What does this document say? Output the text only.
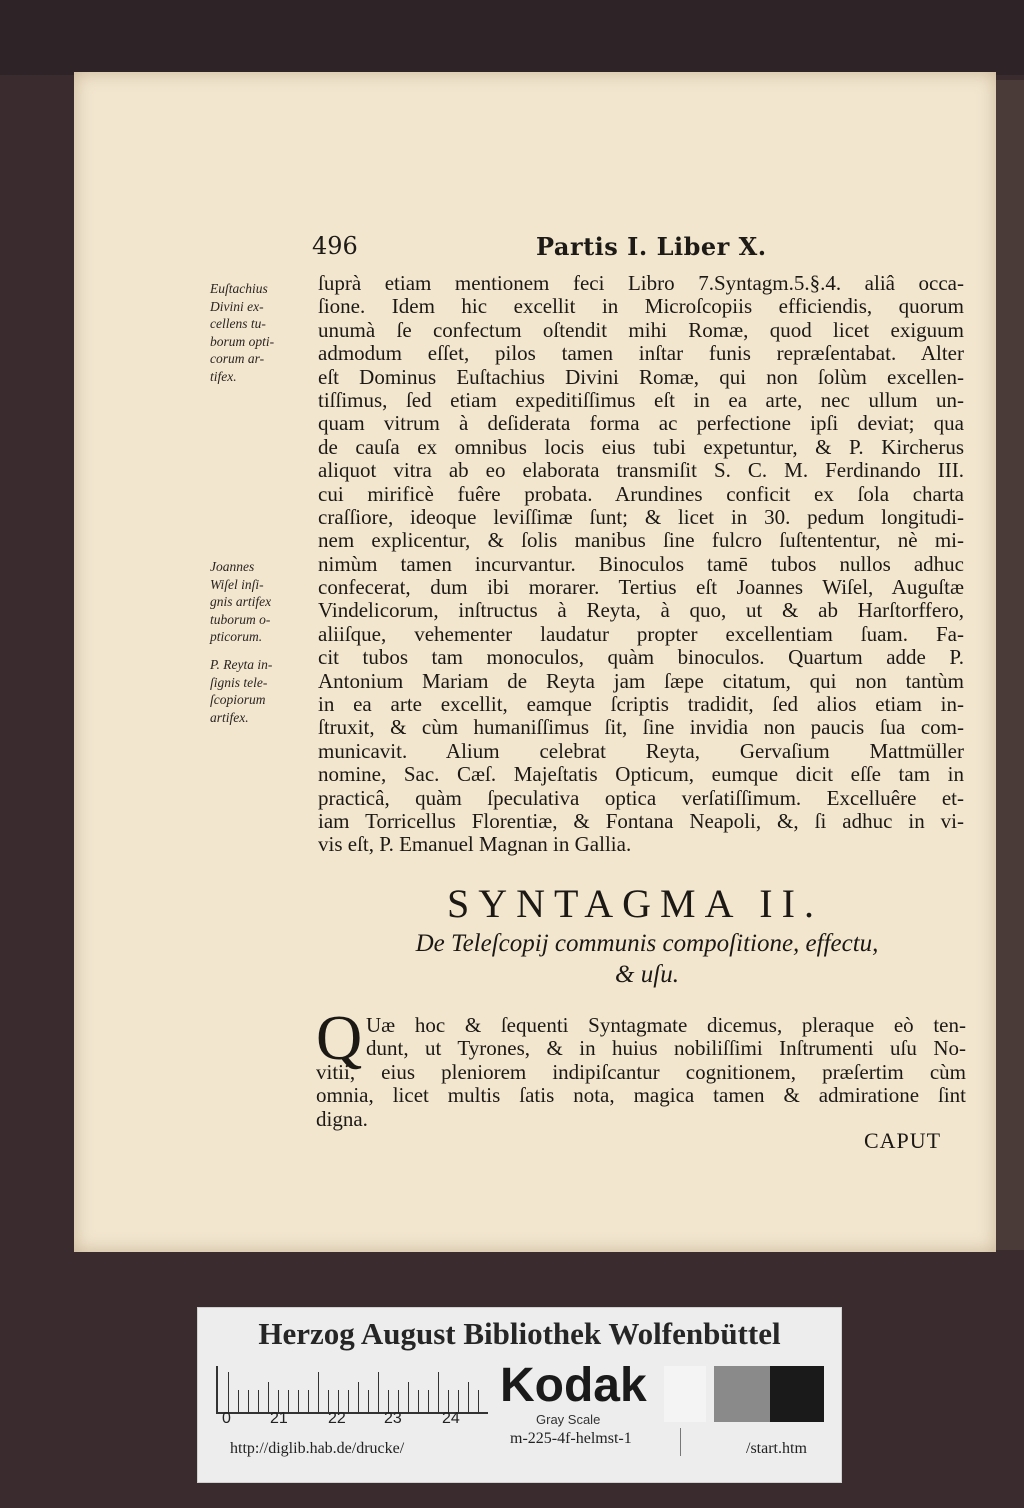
496	Partis I. Liber X.
ſuprà etiam mentionem feci Libro 7.Syntagm.5.§.4. aliâ occa-
ſione. Idem hic excellit in Microſcopiis efficiendis, quorum
unumà ſe confectum oſtendit mihi Romæ, quod licet exiguum
admodum eſſet, pilos tamen inſtar funis repræſentabat. Alter
eſt Dominus Euſtachius Divini Romæ, qui non ſolùm excellen-
tiſſimus, ſed etiam expeditiſſimus eſt in ea arte, nec ullum un-
quam vitrum à deſiderata forma ac perfectione ipſi deviat; qua
de cauſa ex omnibus locis eius tubi expetuntur, & P. Kircherus
aliquot vitra ab eo elaborata transmiſit S. C. M. Ferdinando III.
cui mirificè fuêre probata. Arundines conficit ex ſola charta
craſſiore, ideoque leviſſimæ ſunt; & licet in 30. pedum longitudi-
nem explicentur, & ſolis manibus ſine fulcro ſuſtententur, nè mi-
nimùm tamen incurvantur. Binoculos tamē tubos nullos adhuc
confecerat, dum ibi morarer. Tertius eſt Joannes Wiſel, Auguſtæ
Vindelicorum, inſtructus à Reyta, à quo, ut & ab Harſtorffero,
aliiſque, vehementer laudatur propter excellentiam ſuam. Fa-
cit tubos tam monoculos, quàm binoculos. Quartum adde P.
Antonium Mariam de Reyta jam ſæpe citatum, qui non tantùm
in ea arte excellit, eamque ſcriptis tradidit, ſed alios etiam in-
ſtruxit, & cùm humaniſſimus ſit, ſine invidia non paucis ſua com-
municavit. Alium celebrat Reyta, Gervaſium Mattmüller
nomine, Sac. Cæſ. Majeſtatis Opticum, eumque dicit eſſe tam in
practicâ, quàm ſpeculativa optica verſatiſſimum. Excelluêre et-
iam Torricellus Florentiæ, & Fontana Neapoli, &, ſi adhuc in vi-
vis eſt, P. Emanuel Magnan in Gallia.
Euſtachius
Divini ex-
cellens tu-
borum opti-
corum ar-
tifex.
Joannes
Wiſel inſi-
gnis artifex
tuborum o-
pticorum.
P. Reyta in-
ſignis tele-
ſcopiorum
artifex.
SYNTAGMA II.
De Teleſcopij communis compoſitione, effectu,
& uſu.
Q Uæ hoc & ſequenti Syntagmate dicemus, pleraque eò ten-
dunt, ut Tyrones, & in huius nobiliſſimi Inſtrumenti uſu No-
vitii, eius pleniorem indipiſcantur cognitionem, præſertim cùm
omnia, licet multis ſatis nota, magica tamen & admiratione ſint
digna.
CAPUT
Herzog August Bibliothek Wolfenbüttel
0 21	22 23	24
Kodak
Gray Scale
m-225-4f-helmst-1
http://diglib.hab.de/drucke/	/start.htm
